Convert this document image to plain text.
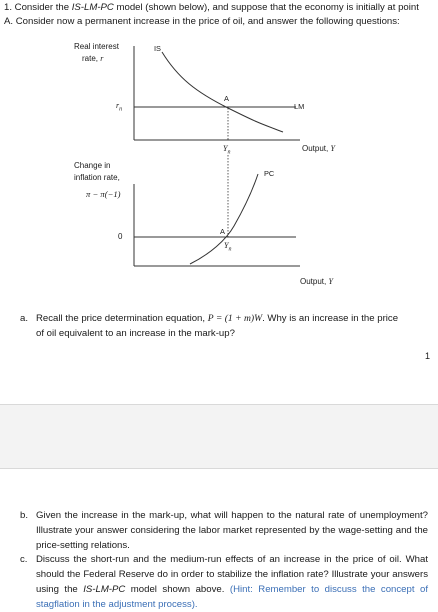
1. Consider the IS-LM-PC model (shown below), and suppose that the economy is initially at point
A. Consider now a permanent increase in the price of oil, and answer the following questions:
Real interest
rate, r
IS
$r_n$
A
LM
$Y_n$	Output, Y
Change in
inflation rate,
π − π(−1)
0
PC
A
$Y_n$
Output, Y
a. Recall the price determination equation, P = (1 + m)W. Why is an increase in the price
of oil equivalent to an increase in the mark-up?
1
b. Given the increase in the mark-up, what will happen to the natural rate of unemployment? Illustrate your answer considering the labor market represented by the wage-setting and the price-setting relations.
c. Discuss the short-run and the medium-run effects of an increase in the price of oil. What should the Federal Reserve do in order to stabilize the inflation rate? Illustrate your answers using the IS-LM-PC model shown above. (Hint: Remember to discuss the concept of stagflation in the adjustment process).
